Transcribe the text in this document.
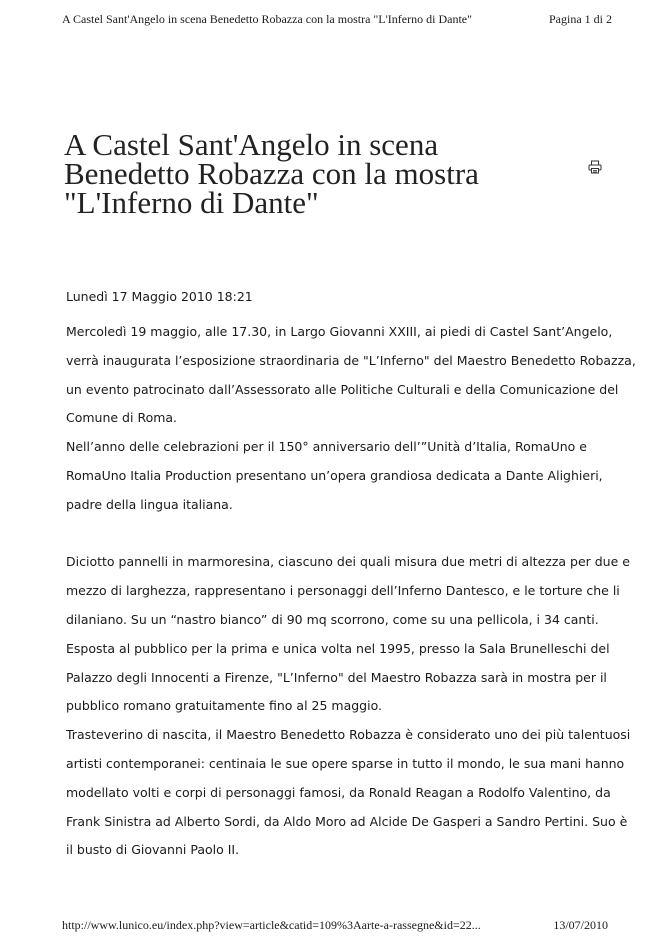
A Castel Sant'Angelo in scena Benedetto Robazza con la mostra "L'Inferno di Dante"	Pagina 1 di 2
A Castel Sant'Angelo in scena
Benedetto Robazza con la mostra
"L'Inferno di Dante"
Lunedì 17 Maggio 2010 18:21

Mercoledì 19 maggio, alle 17.30, in Largo Giovanni XXIII, ai piedi di Castel Sant’Angelo,
verrà inaugurata l’esposizione straordinaria de "L’Inferno" del Maestro Benedetto Robazza,
un evento patrocinato dall’Assessorato alle Politiche Culturali e della Comunicazione del
Comune di Roma.

Nell’anno delle celebrazioni per il 150° anniversario dell’”Unità d’Italia, RomaUno e
RomaUno Italia Production presentano un’opera grandiosa dedicata a Dante Alighieri,
padre della lingua italiana.

Diciotto pannelli in marmoresina, ciascuno dei quali misura due metri di altezza per due e
mezzo di larghezza, rappresentano i personaggi dell’Inferno Dantesco, e le torture che li
dilaniano. Su un “nastro bianco” di 90 mq scorrono, come su una pellicola, i 34 canti.
Esposta al pubblico per la prima e unica volta nel 1995, presso la Sala Brunelleschi del
Palazzo degli Innocenti a Firenze, "L’Inferno" del Maestro Robazza sarà in mostra per il
pubblico romano gratuitamente fino al 25 maggio.

Trasteverino di nascita, il Maestro Benedetto Robazza è considerato uno dei più talentuosi
artisti contemporanei: centinaia le sue opere sparse in tutto il mondo, le sua mani hanno
modellato volti e corpi di personaggi famosi, da Ronald Reagan a Rodolfo Valentino, da
Frank Sinistra ad Alberto Sordi, da Aldo Moro ad Alcide De Gasperi a Sandro Pertini. Suo è
il busto di Giovanni Paolo II.

http://www.lunico.eu/index.php?view=article&catid=109%3Aarte-a-rassegne&id=22...	13/07/2010
